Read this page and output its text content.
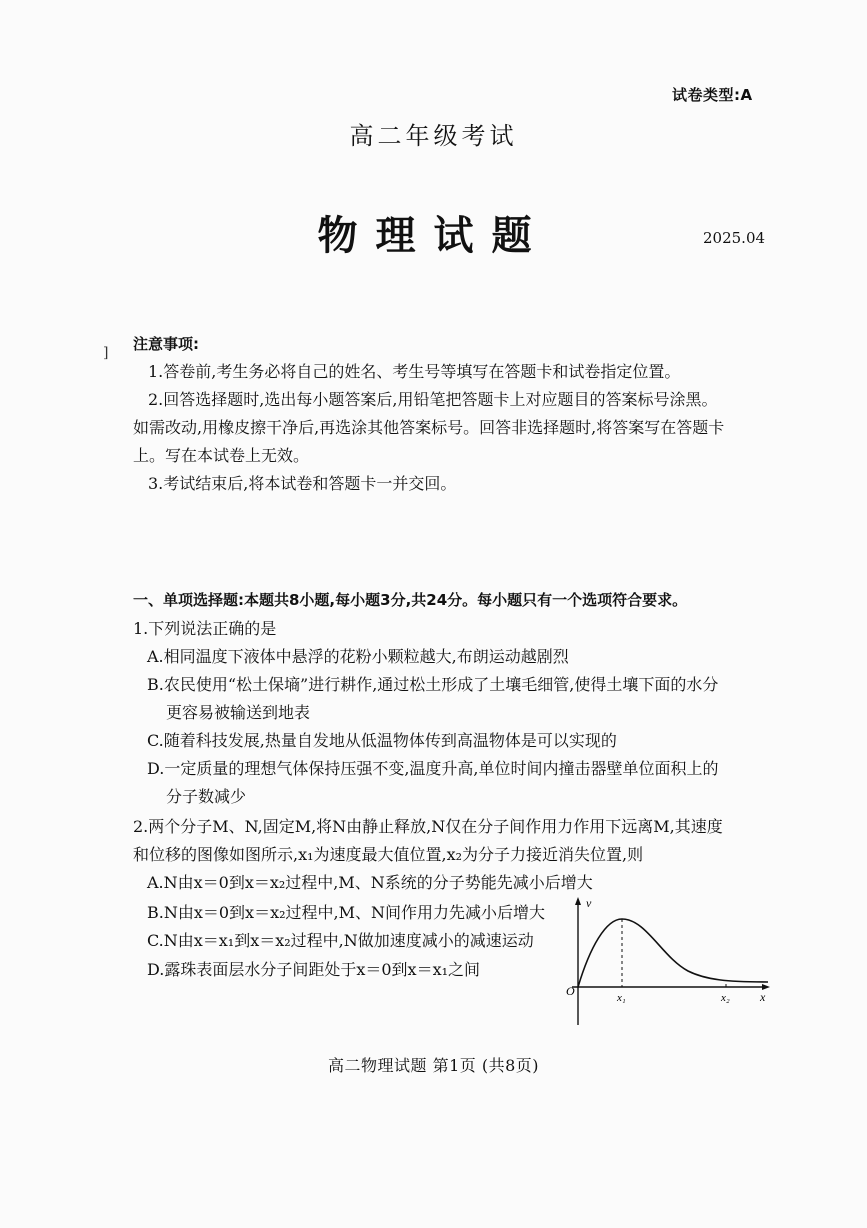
试卷类型:A
高二年级考试
物理试题	2025.04
] 注意事项:
1.答卷前,考生务必将自己的姓名、考生号等填写在答题卡和试卷指定位置。
2.回答选择题时,选出每小题答案后,用铅笔把答题卡上对应题目的答案标号涂黑。
如需改动,用橡皮擦干净后,再选涂其他答案标号。回答非选择题时,将答案写在答题卡
上。写在本试卷上无效。
3.考试结束后,将本试卷和答题卡一并交回。
一、单项选择题:本题共8小题,每小题3分,共24分。每小题只有一个选项符合要求。
1.下列说法正确的是
A.相同温度下液体中悬浮的花粉小颗粒越大,布朗运动越剧烈
B.农民使用“松土保墒”进行耕作,通过松土形成了土壤毛细管,使得土壤下面的水分
更容易被输送到地表
C.随着科技发展,热量自发地从低温物体传到高温物体是可以实现的
D.一定质量的理想气体保持压强不变,温度升高,单位时间内撞击器壁单位面积上的
分子数减少
2.两个分子M、N,固定M,将N由静止释放,N仅在分子间作用力作用下远离M,其速度
和位移的图像如图所示,x₁为速度最大值位置,x₂为分子力接近消失位置,则
A.N由x＝0到x＝x₂过程中,M、N系统的分子势能先减小后增大
B.N由x＝0到x＝x₂过程中,M、N间作用力先减小后增大
C.N由x＝x₁到x＝x₂过程中,N做加速度减小的减速运动
D.露珠表面层水分子间距处于x＝0到x＝x₁之间
v
O	x₁	x₂	x
高二物理试题 第1页 (共8页)
